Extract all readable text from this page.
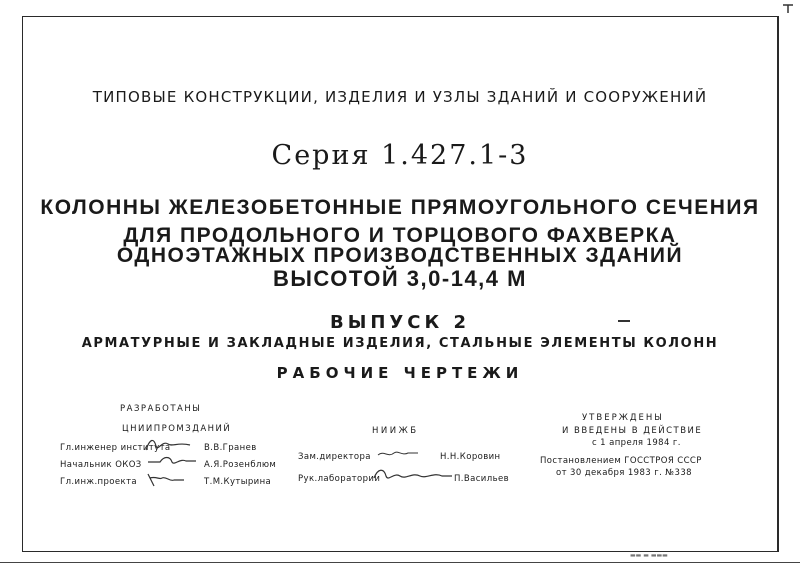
ТИПОВЫЕ КОНСТРУКЦИИ, ИЗДЕЛИЯ И УЗЛЫ ЗДАНИЙ И СООРУЖЕНИЙ
Серия 1.427.1-3
КОЛОННЫ ЖЕЛЕЗОБЕТОННЫЕ ПРЯМОУГОЛЬНОГО СЕЧЕНИЯ
ДЛЯ ПРОДОЛЬНОГО И ТОРЦОВОГО ФАХВЕРКА
ОДНОЭТАЖНЫХ ПРОИЗВОДСТВЕННЫХ ЗДАНИЙ
ВЫСОТОЙ 3,0-14,4 М
ВЫПУСК 2
АРМАТУРНЫЕ И ЗАКЛАДНЫЕ ИЗДЕЛИЯ, СТАЛЬНЫЕ ЭЛЕМЕНТЫ КОЛОНН
РАБОЧИЕ ЧЕРТЕЖИ
РАЗРАБОТАНЫ
ЦНИИПРОМЗДАНИЙ
Гл.инженер института	В.В.Гранев
Начальник ОКОЗ	А.Я.Розенблюм
Гл.инж.проекта	Т.М.Кутырина
НИИЖБ
Зам.директора	Н.Н.Коровин
Рук.лаборатории	П.Васильев
УТВЕРЖДЕНЫ
И ВВЕДЕНЫ В ДЕЙСТВИЕ
с 1 апреля 1984 г.
Постановлением ГОССТРОЯ СССР
от 30 декабря 1983 г. №338
▬▬ ▬ ▬▬▬
